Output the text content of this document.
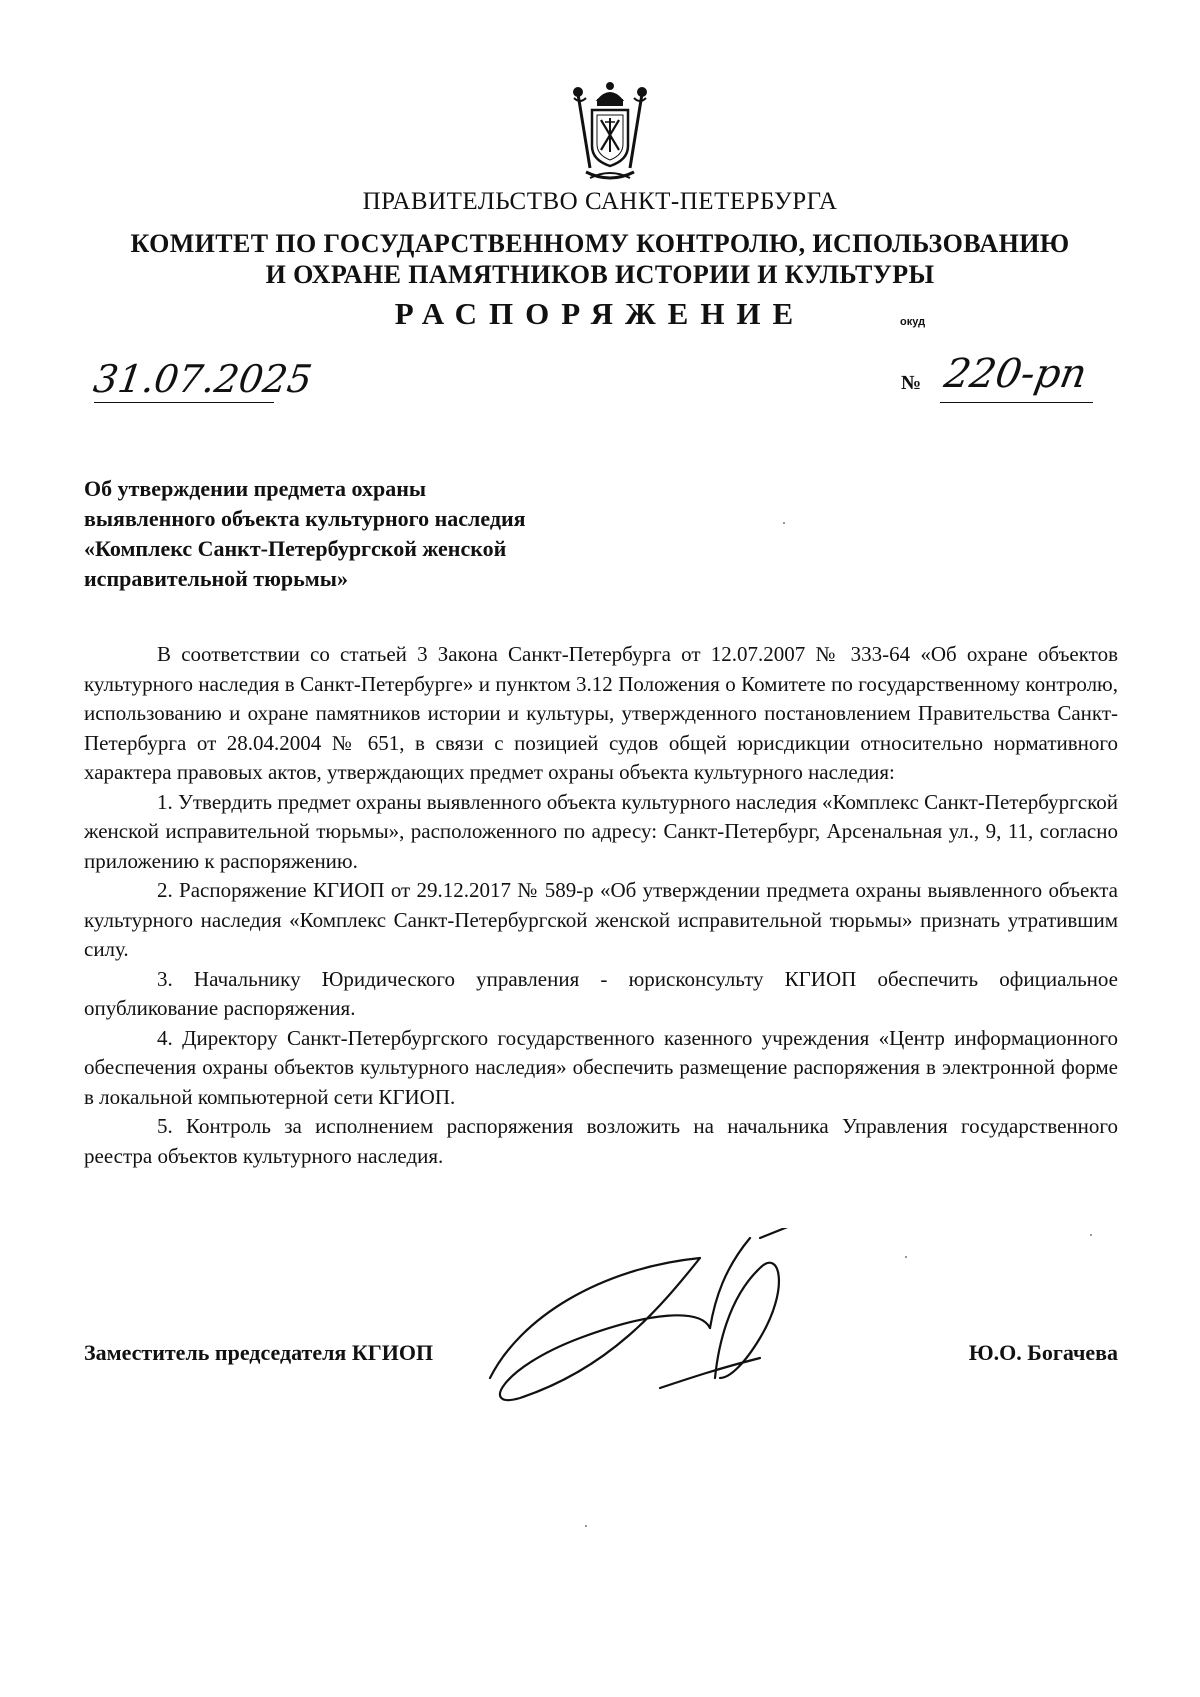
ПРАВИТЕЛЬСТВО САНКТ-ПЕТЕРБУРГА
КОМИТЕТ ПО ГОСУДАРСТВЕННОМУ КОНТРОЛЮ, ИСПОЛЬЗОВАНИЮ
И ОХРАНЕ ПАМЯТНИКОВ ИСТОРИИ И КУЛЬТУРЫ
РАСПОРЯЖЕНИЕ	окуд
31.07.2025	№ 220-рп
Об утверждении предмета охраны
выявленного объекта культурного наследия
«Комплекс Санкт-Петербургской женской
исправительной тюрьмы»

В соответствии со статьей 3 Закона Санкт-Петербурга от 12.07.2007 № 333-64 «Об охране объектов культурного наследия в Санкт-Петербурге» и пунктом 3.12 Положения о Комитете по государственному контролю, использованию и охране памятников истории и культуры, утвержденного постановлением Правительства Санкт-Петербурга от 28.04.2004 № 651, в связи с позицией судов общей юрисдикции относительно нормативного характера правовых актов, утверждающих предмет охраны объекта культурного наследия:

1. Утвердить предмет охраны выявленного объекта культурного наследия «Комплекс Санкт-Петербургской женской исправительной тюрьмы», расположенного по адресу: Санкт-Петербург, Арсенальная ул., 9, 11, согласно приложению к распоряжению.

2. Распоряжение КГИОП от 29.12.2017 № 589-р «Об утверждении предмета охраны выявленного объекта культурного наследия «Комплекс Санкт-Петербургской женской исправительной тюрьмы» признать утратившим силу.

3. Начальнику Юридического управления - юрисконсульту КГИОП обеспечить официальное опубликование распоряжения.

4. Директору Санкт-Петербургского государственного казенного учреждения «Центр информационного обеспечения охраны объектов культурного наследия» обеспечить размещение распоряжения в электронной форме в локальной компьютерной сети КГИОП.

5. Контроль за исполнением распоряжения возложить на начальника Управления государственного реестра объектов культурного наследия.

Заместитель председателя КГИОП	Ю.О. Богачева
